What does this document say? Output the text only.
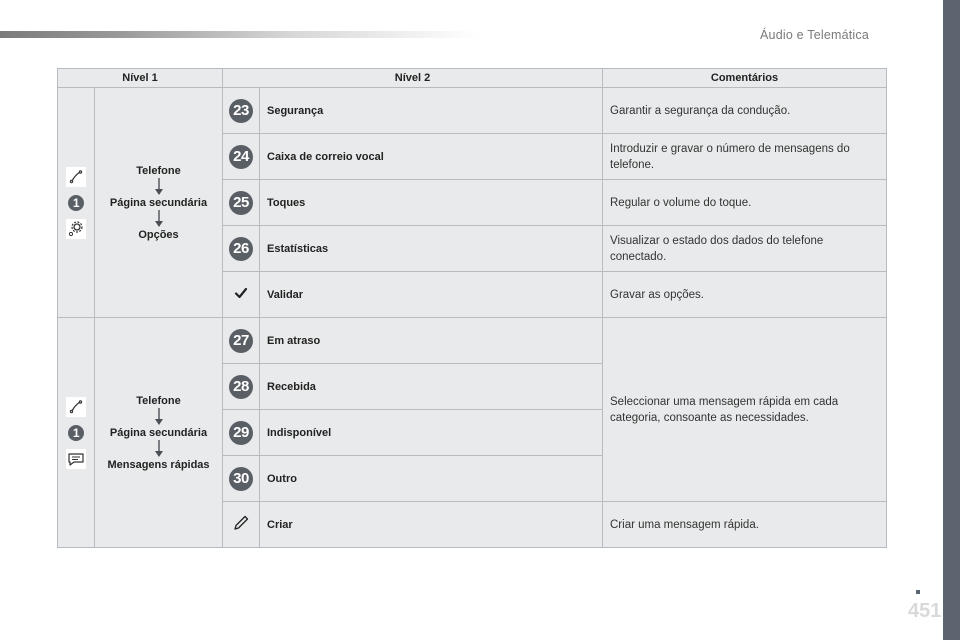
Áudio e Telemática
451
Nível 1		Nível 2		Comentários

1	Telefone
Página secundária
Opções	23	Segurança	Garantir a segurança da condução.
		24	Caixa de correio vocal	Introduzir e gravar o número de mensagens do telefone.
		25	Toques	Regular o volume do toque.
		26	Estatísticas	Visualizar o estado dos dados do telefone conectado.
	Validar	Gravar as opções.

1	Telefone
Página secundária
Mensagens rápidas	27	Em atraso	Seleccionar uma mensagem rápida em cada categoria, consoante as necessidades.
		28	Recebida	
		29	Indisponível	
		30	Outro	
	Criar	Criar uma mensagem rápida.
